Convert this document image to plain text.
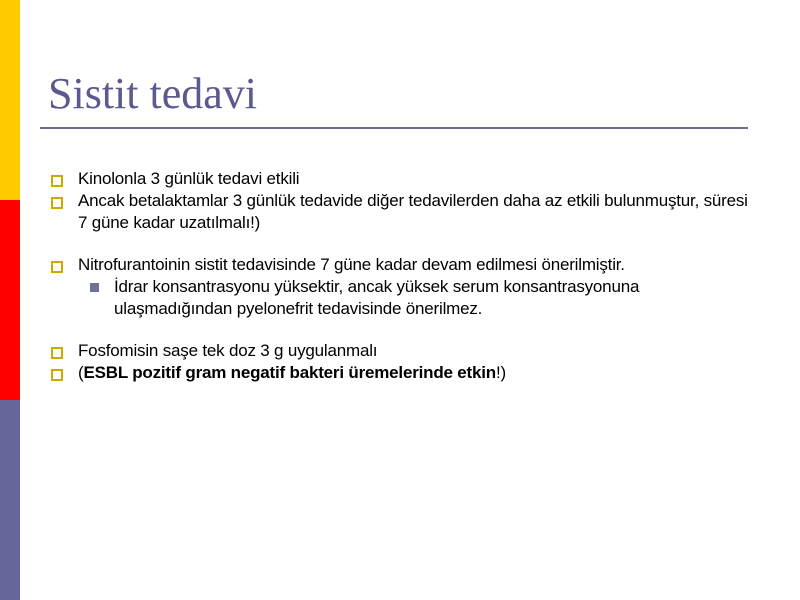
Sistit tedavi
Kinolonla 3 günlük tedavi etkili
Ancak betalaktamlar 3 günlük tedavide diğer tedavilerden daha az etkili bulunmuştur, süresi 7 güne kadar uzatılmalı!)
Nitrofurantoinin sistit tedavisinde 7 güne kadar devam edilmesi önerilmiştir.
İdrar konsantrasyonu yüksektir, ancak yüksek serum konsantrasyonuna ulaşmadığından pyelonefrit tedavisinde önerilmez.
Fosfomisin saşe tek doz 3 g uygulanmalı
(ESBL pozitif gram negatif bakteri üremelerinde etkin!)
